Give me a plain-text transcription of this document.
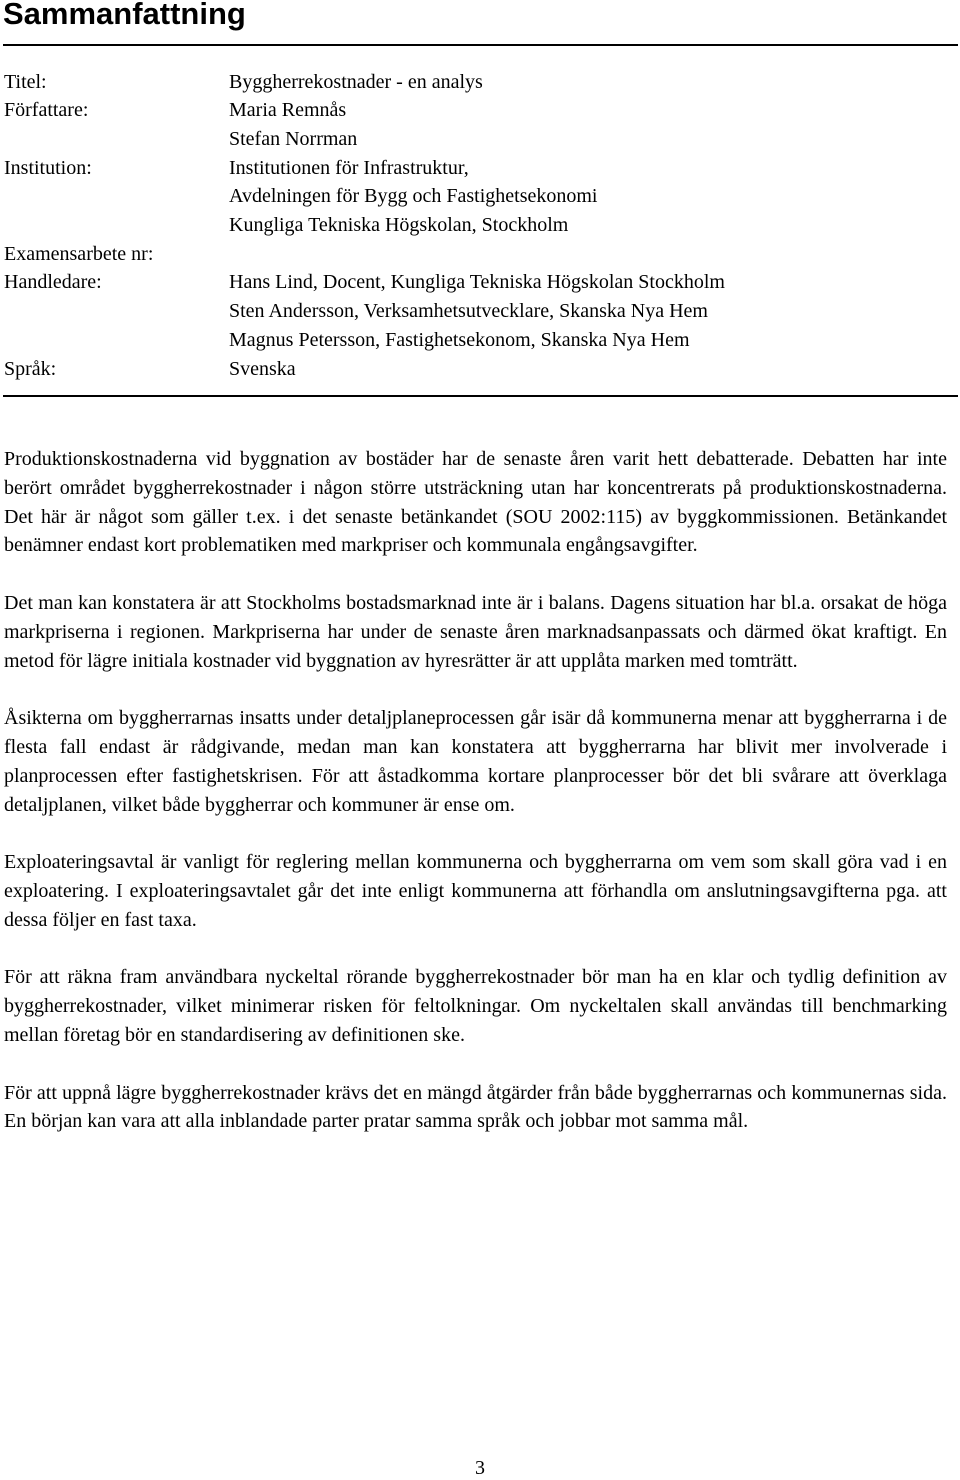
Sammanfattning
Titel:	Byggherrekostnader - en analys
Författare:	Maria Remnås
Stefan Norrman
Institution:	Institutionen för Infrastruktur,
Avdelningen för Bygg och Fastighetsekonomi
Kungliga Tekniska Högskolan, Stockholm
Examensarbete nr:
Handledare:	Hans Lind, Docent, Kungliga Tekniska Högskolan Stockholm
Sten Andersson, Verksamhetsutvecklare, Skanska Nya Hem
Magnus Petersson, Fastighetsekonom, Skanska Nya Hem
Språk:	Svenska

Produktionskostnaderna vid byggnation av bostäder har de senaste åren varit hett debatterade. Debatten har inte berört området byggherrekostnader i någon större utsträckning utan har koncentrerats på produktionskostnaderna. Det här är något som gäller t.ex. i det senaste betänkandet (SOU 2002:115) av byggkommissionen. Betänkandet benämner endast kort problematiken med markpriser och kommunala engångsavgifter.

Det man kan konstatera är att Stockholms bostadsmarknad inte är i balans. Dagens situation har bl.a. orsakat de höga markpriserna i regionen. Markpriserna har under de senaste åren marknadsanpassats och därmed ökat kraftigt. En metod för lägre initiala kostnader vid byggnation av hyresrätter är att upplåta marken med tomträtt.

Åsikterna om byggherrarnas insatts under detaljplaneprocessen går isär då kommunerna menar att byggherrarna i de flesta fall endast är rådgivande, medan man kan konstatera att byggherrarna har blivit mer involverade i planprocessen efter fastighetskrisen. För att åstadkomma kortare planprocesser bör det bli svårare att överklaga detaljplanen, vilket både byggherrar och kommuner är ense om.

Exploateringsavtal är vanligt för reglering mellan kommunerna och byggherrarna om vem som skall göra vad i en exploatering. I exploateringsavtalet går det inte enligt kommunerna att förhandla om anslutningsavgifterna pga. att dessa följer en fast taxa.

För att räkna fram användbara nyckeltal rörande byggherrekostnader bör man ha en klar och tydlig definition av byggherrekostnader, vilket minimerar risken för feltolkningar. Om nyckeltalen skall användas till benchmarking mellan företag bör en standardisering av definitionen ske.

För att uppnå lägre byggherrekostnader krävs det en mängd åtgärder från både byggherrarnas och kommunernas sida. En början kan vara att alla inblandade parter pratar samma språk och jobbar mot samma mål.

3
